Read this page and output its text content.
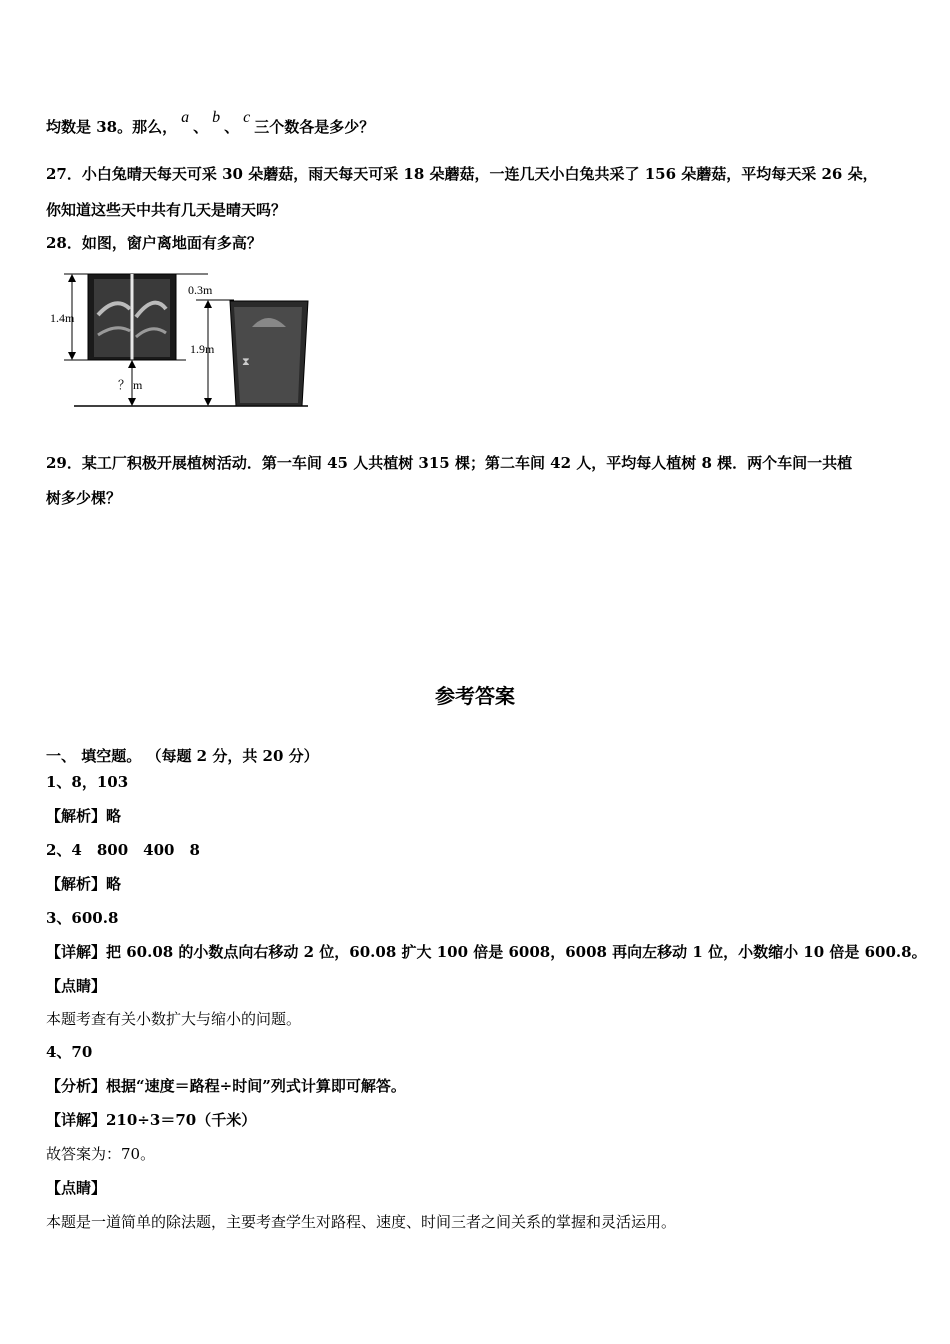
均数是 38。那么，a、b、c三个数各是多少？
27．小白兔晴天每天可采 30 朵蘑菇，雨天每天可采 18 朵蘑菇，一连几天小白兔共采了 156 朵蘑菇，平均每天采 26 朵，
你知道这些天中共有几天是晴天吗？
28．如图，窗户离地面有多高？
1.4m
？ m
0.3m
1.9m
⧗
29．某工厂积极开展植树活动．第一车间 45 人共植树 315 棵；第二车间 42 人，平均每人植树 8 棵．两个车间一共植
树多少棵？
参考答案
一、 填空题。 （每题 2 分，共 20 分）
1、8，103
【解析】略
2、4　800　400　8
【解析】略
3、600.8
【详解】把 60.08 的小数点向右移动 2 位，60.08 扩大 100 倍是 6008，6008 再向左移动 1 位，小数缩小 10 倍是 600.8。
【点睛】
本题考查有关小数扩大与缩小的问题。
4、70
【分析】根据“速度＝路程÷时间”列式计算即可解答。
【详解】210÷3＝70（千米）
故答案为：70。
【点睛】
本题是一道简单的除法题，主要考查学生对路程、速度、时间三者之间关系的掌握和灵活运用。
